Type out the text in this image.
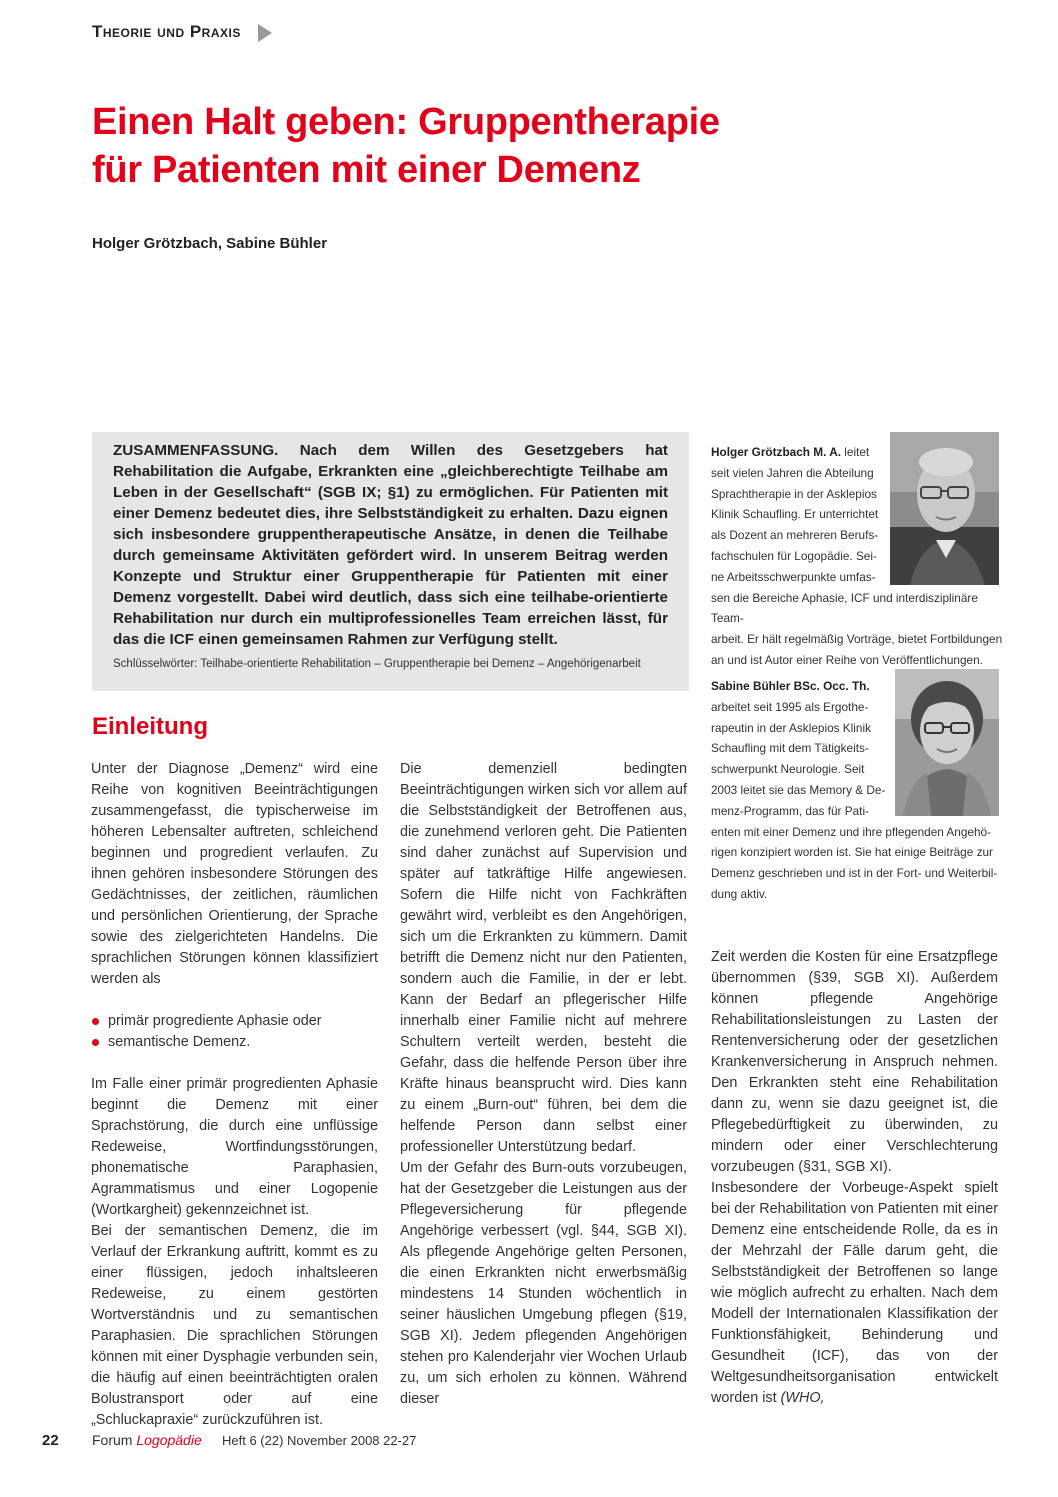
Theorie und Praxis
Einen Halt geben: Gruppentherapie
für Patienten mit einer Demenz
Holger Grötzbach, Sabine Bühler

ZUSAMMENFASSUNG. Nach dem Willen des Gesetzgebers hat Rehabilitation die Aufgabe, Erkrankten eine „gleichberechtigte Teilhabe am Leben in der Gesellschaft“ (SGB IX; §1) zu ermöglichen. Für Patienten mit einer Demenz bedeutet dies, ihre Selbstständigkeit zu erhalten. Dazu eignen sich insbesondere gruppentherapeutische Ansätze, in denen die Teilhabe durch gemeinsame Aktivitäten gefördert wird. In unserem Beitrag werden Konzepte und Struktur einer Gruppentherapie für Patienten mit einer Demenz vorgestellt. Dabei wird deutlich, dass sich eine teilhabe-orientierte Rehabilitation nur durch ein multiprofessionelles Team erreichen lässt, für das die ICF einen gemeinsamen Rahmen zur Verfügung stellt.

Schlüsselwörter: Teilhabe-orientierte Rehabilitation – Gruppentherapie bei Demenz – Angehörigenarbeit
Holger Grötzbach M. A. leitet
seit vielen Jahren die Abteilung
Sprachtherapie in der Asklepios
Klinik Schaufling. Er unterrichtet
als Dozent an mehreren Berufs-
fachschulen für Logopädie. Sei-
ne Arbeitsschwerpunkte umfas-
sen die Bereiche Aphasie, ICF und interdisziplinäre Team-
arbeit. Er hält regelmäßig Vorträge, bietet Fortbildungen
an und ist Autor einer Reihe von Veröffentlichungen.
Sabine Bühler BSc. Occ. Th.
arbeitet seit 1995 als Ergothe-
rapeutin in der Asklepios Klinik
Schaufling mit dem Tätigkeits-
schwerpunkt Neurologie. Seit
2003 leitet sie das Memory & De-
menz-Programm, das für Pati-
enten mit einer Demenz und ihre pflegenden Angehö-
rigen konzipiert worden ist. Sie hat einige Beiträge zur
Demenz geschrieben und ist in der Fort- und Weiterbil-
dung aktiv.
Einleitung

Unter der Diagnose „Demenz“ wird eine Reihe von kognitiven Beeinträchtigungen zusammengefasst, die typischerweise im höheren Lebensalter auftreten, schleichend beginnen und progredient verlaufen. Zu ihnen gehören insbesondere Störungen des Gedächtnisses, der zeitlichen, räumlichen und persönlichen Orientierung, der Sprache sowie des zielgerichteten Handelns. Die sprachlichen Störungen können klassifiziert werden als

primär progrediente Aphasie oder
semantische Demenz.

Im Falle einer primär progredienten Aphasie beginnt die Demenz mit einer Sprachstörung, die durch eine unflüssige Redeweise, Wortfindungsstörungen, phonematische Paraphasien, Agrammatismus und einer Logopenie (Wortkargheit) gekennzeichnet ist.

Bei der semantischen Demenz, die im Verlauf der Erkrankung auftritt, kommt es zu einer flüssigen, jedoch inhaltsleeren Redeweise, zu einem gestörten Wortverständnis und zu semantischen Paraphasien. Die sprachlichen Störungen können mit einer Dysphagie verbunden sein, die häufig auf einen beeinträchtigten oralen Bolustransport oder auf eine „Schluckapraxie“ zurückzuführen ist.

Die demenziell bedingten Beeinträchtigungen wirken sich vor allem auf die Selbstständigkeit der Betroffenen aus, die zunehmend verloren geht. Die Patienten sind daher zunächst auf Supervision und später auf tatkräftige Hilfe angewiesen. Sofern die Hilfe nicht von Fachkräften gewährt wird, verbleibt es den Angehörigen, sich um die Erkrankten zu kümmern. Damit betrifft die Demenz nicht nur den Patienten, sondern auch die Familie, in der er lebt. Kann der Bedarf an pflegerischer Hilfe innerhalb einer Familie nicht auf mehrere Schultern verteilt werden, besteht die Gefahr, dass die helfende Person über ihre Kräfte hinaus beansprucht wird. Dies kann zu einem „Burn-out“ führen, bei dem die helfende Person dann selbst einer professioneller Unterstützung bedarf.

Um der Gefahr des Burn-outs vorzubeugen, hat der Gesetzgeber die Leistungen aus der Pflegeversicherung für pflegende Angehörige verbessert (vgl. §44, SGB XI). Als pflegende Angehörige gelten Personen, die einen Erkrankten nicht erwerbsmäßig mindestens 14 Stunden wöchentlich in seiner häuslichen Umgebung pflegen (§19, SGB XI). Jedem pflegenden Angehörigen stehen pro Kalenderjahr vier Wochen Urlaub zu, um sich erholen zu können. Während dieser

Zeit werden die Kosten für eine Ersatzpflege übernommen (§39, SGB XI). Außerdem können pflegende Angehörige Rehabilitationsleistungen zu Lasten der Rentenversicherung oder der gesetzlichen Krankenversicherung in Anspruch nehmen. Den Erkrankten steht eine Rehabilitation dann zu, wenn sie dazu geeignet ist, die Pflegebedürftigkeit zu überwinden, zu mindern oder einer Verschlechterung vorzubeugen (§31, SGB XI).

Insbesondere der Vorbeuge-Aspekt spielt bei der Rehabilitation von Patienten mit einer Demenz eine entscheidende Rolle, da es in der Mehrzahl der Fälle darum geht, die Selbstständigkeit der Betroffenen so lange wie möglich aufrecht zu erhalten. Nach dem Modell der Internationalen Klassifikation der Funktionsfähigkeit, Behinderung und Gesundheit (ICF), das von der Weltgesundheitsorganisation entwickelt worden ist (WHO,

22 Forum Logopädie Heft 6 (22) November 2008 22-27
